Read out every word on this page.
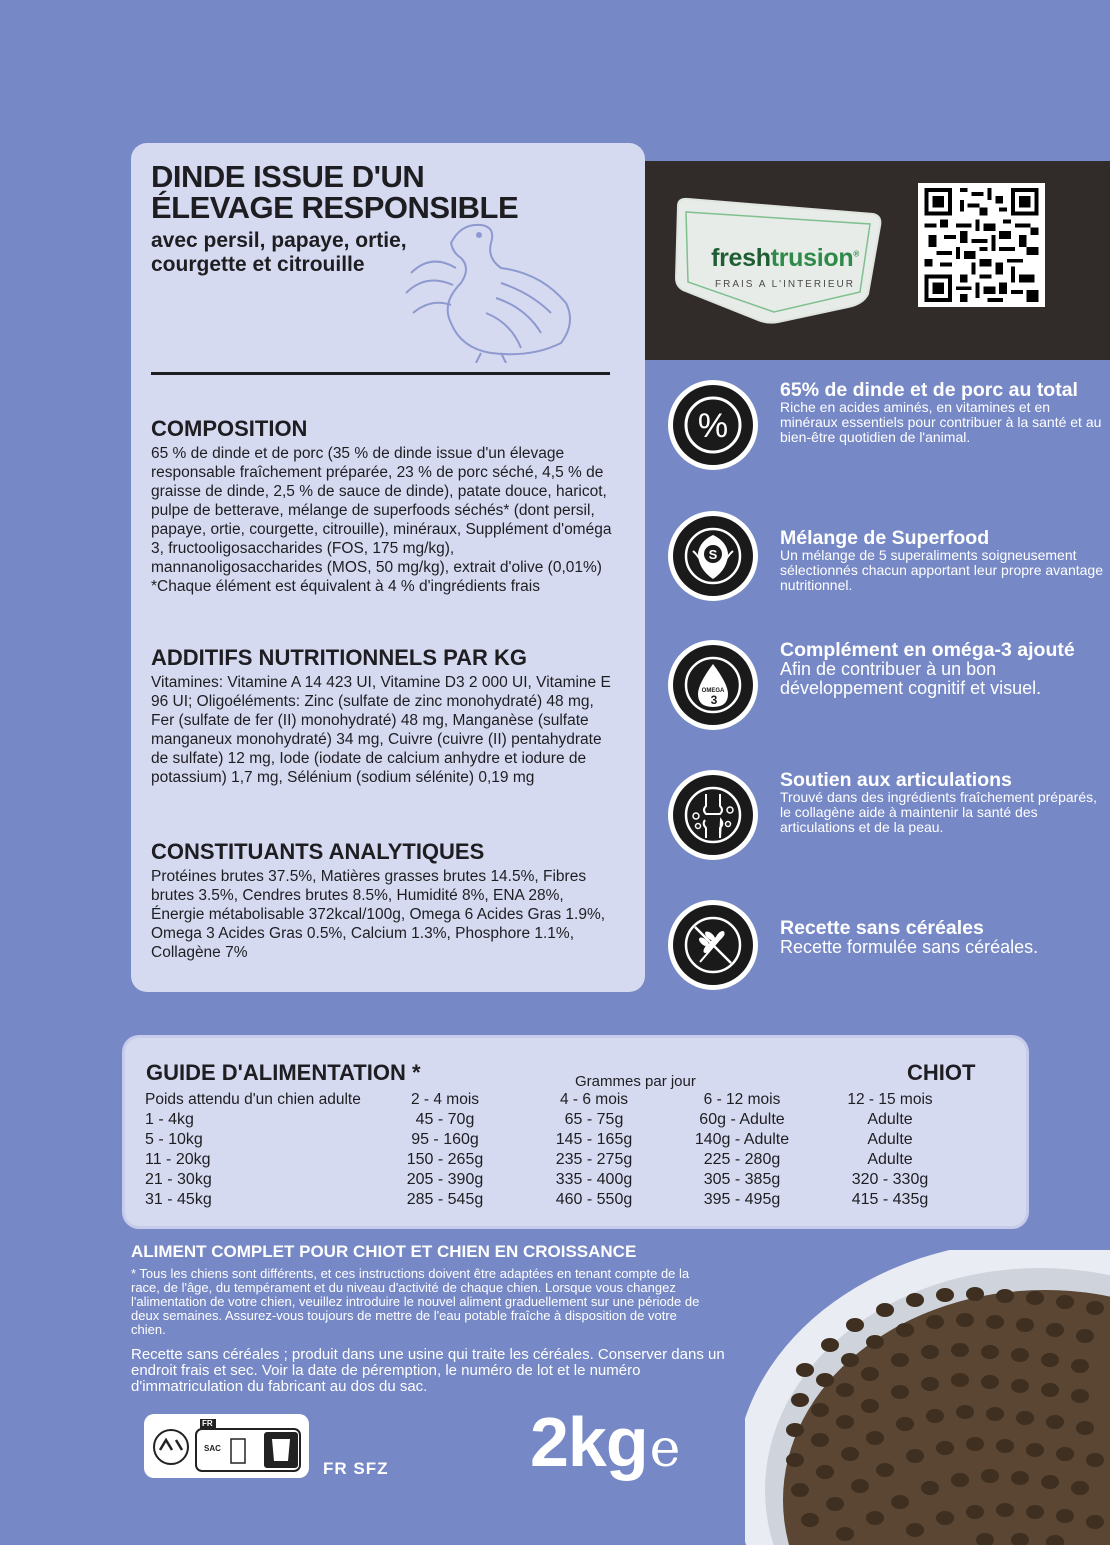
DINDE ISSUE D'UN
ÉLEVAGE RESPONSIBLE
avec persil, papaye, ortie,
courgette et citrouille
COMPOSITION

65 % de dinde et de porc (35 % de dinde issue d'un élevage responsable fraîchement préparée, 23 % de porc séché, 4,5 % de graisse de dinde, 2,5 % de sauce de dinde), patate douce, haricot, pulpe de betterave, mélange de superfoods séchés* (dont persil, papaye, ortie, courgette, citrouille), minéraux, Supplément d'oméga 3, fructooligosaccharides (FOS, 175 mg/kg), mannanoligosaccharides (MOS, 50 mg/kg), extrait d'olive (0,01%)

*Chaque élément est équivalent à 4 % d'ingrédients frais

ADDITIFS NUTRITIONNELS PAR KG

Vitamines: Vitamine A 14 423 UI, Vitamine D3 2 000 UI, Vitamine E 96 UI; Oligoéléments: Zinc (sulfate de zinc monohydraté) 48 mg, Fer (sulfate de fer (II) monohydraté) 48 mg, Manganèse (sulfate manganeux monohydraté) 34 mg, Cuivre (cuivre (II) pentahydrate de sulfate) 12 mg, Iode (iodate de calcium anhydre et iodure de potassium) 1,7 mg, Sélénium (sodium sélénite) 0,19 mg

CONSTITUANTS ANALYTIQUES

Protéines brutes 37.5%, Matières grasses brutes 14.5%, Fibres brutes 3.5%, Cendres brutes 8.5%, Humidité 8%, ENA 28%, Énergie métabolisable 372kcal/100g, Omega 6 Acides Gras 1.9%, Omega 3 Acides Gras 0.5%, Calcium 1.3%, Phosphore 1.1%, Collagène 7%

freshtrusion®
FRAIS A L'INTERIEUR
%
65% de dinde et de porc au total
Riche en acides aminés, en vitamines et en minéraux essentiels pour contribuer à la santé et au bien-être quotidien de l'animal.
S
Mélange de Superfood
Un mélange de 5 superaliments soigneusement sélectionnés chacun apportant leur propre avantage nutritionnel.
OMEGA
3
Complément en oméga-3 ajouté
Afin de contribuer à un bon développement cognitif et visuel.
Soutien aux articulations
Trouvé dans des ingrédients fraîchement préparés, le collagène aide à maintenir la santé des articulations et de la peau.
Recette sans céréales
Recette formulée sans céréales.
GUIDE D'ALIMENTATION *	CHIOT
Grammes par jour
Poids attendu d'un chien adulte	2 - 4 mois	4 - 6 mois	6 - 12 mois	12 - 15 mois
1 - 4kg	45 - 70g	65 - 75g	60g - Adulte	Adulte
5 - 10kg	95 - 160g	145 - 165g	140g - Adulte	Adulte
11 - 20kg	150 - 265g	235 - 275g	225 - 280g	Adulte
21 - 30kg	205 - 390g	335 - 400g	305 - 385g	320 - 330g
31 - 45kg	285 - 545g	460 - 550g	395 - 495g	415 - 435g
ALIMENT COMPLET POUR CHIOT ET CHIEN EN CROISSANCE
* Tous les chiens sont différents, et ces instructions doivent être adaptées en tenant compte de la race, de l'âge, du tempérament et du niveau d'activité de chaque chien. Lorsque vous changez l'alimentation de votre chien, veuillez introduire le nouvel aliment graduellement sur une période de deux semaines. Assurez-vous toujours de mettre de l'eau potable fraîche à disposition de votre chien.
Recette sans céréales ; produit dans une usine qui traite les céréales. Conserver dans un endroit frais et sec. Voir la date de péremption, le numéro de lot et le numéro d'immatriculation du fabricant au dos du sac.
FR
SAC
FR SFZ 2kge
